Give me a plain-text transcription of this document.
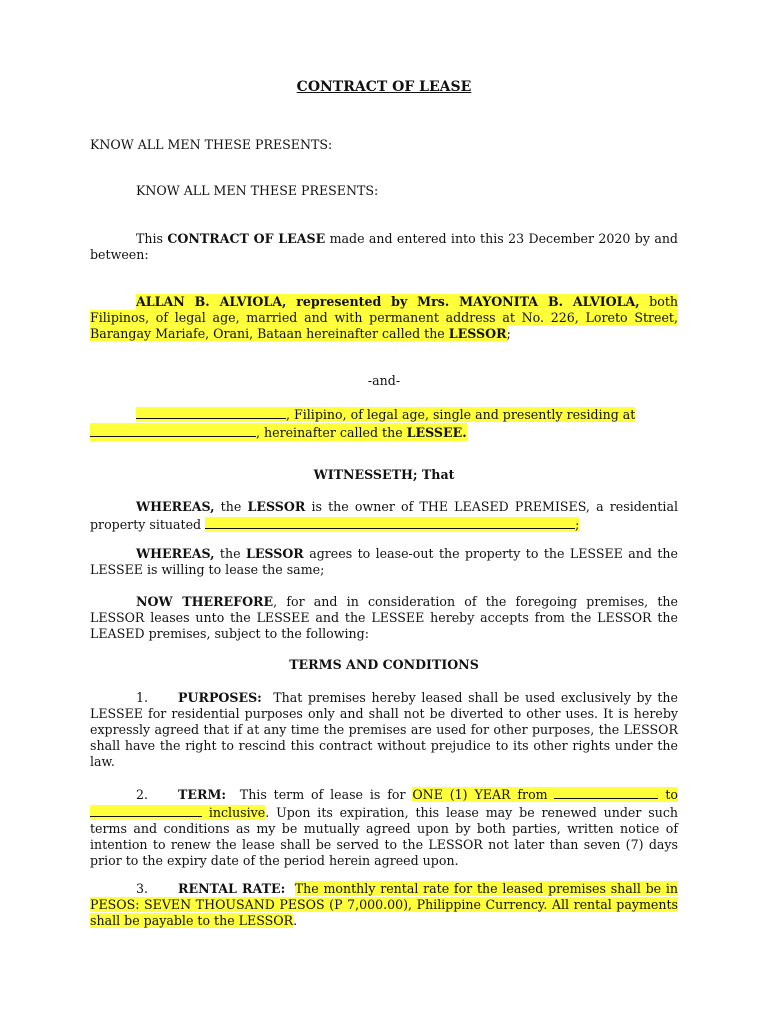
CONTRACT OF LEASE
KNOW ALL MEN THESE PRESENTS:
KNOW ALL MEN THESE PRESENTS:
This CONTRACT OF LEASE made and entered into this 23 December 2020 by and between:
ALLAN B. ALVIOLA, represented by Mrs. MAYONITA B. ALVIOLA, both Filipinos, of legal age, married and with permanent address at No. 226, Loreto Street, Barangay Mariafe, Orani, Bataan hereinafter called the LESSOR;
-and-
, Filipino, of legal age, single and presently residing at
, hereinafter called the LESSEE.
WITNESSETH; That
WHEREAS, the LESSOR is the owner of THE LEASED PREMISES, a residential property situated	;
WHEREAS, the LESSOR agrees to lease-out the property to the LESSEE and the LESSEE is willing to lease the same;
NOW THEREFORE, for and in consideration of the foregoing premises, the LESSOR leases unto the LESSEE and the LESSEE hereby accepts from the LESSOR the LEASED premises, subject to the following:
TERMS AND CONDITIONS
1. PURPOSES: That premises hereby leased shall be used exclusively by the LESSEE for residential purposes only and shall not be diverted to other uses. It is hereby expressly agreed that if at any time the premises are used for other purposes, the LESSOR shall have the right to rescind this contract without prejudice to its other rights under the law.
2. TERM: This term of lease is for ONE (1) YEAR from	to  inclusive. Upon its expiration, this lease may be renewed under such terms and conditions as my be mutually agreed upon by both parties, written notice of intention to renew the lease shall be served to the LESSOR not later than seven (7) days prior to the expiry date of the period herein agreed upon.
3. RENTAL RATE: The monthly rental rate for the leased premises shall be in PESOS: SEVEN THOUSAND PESOS (P 7,000.00), Philippine Currency. All rental payments shall be payable to the LESSOR.
